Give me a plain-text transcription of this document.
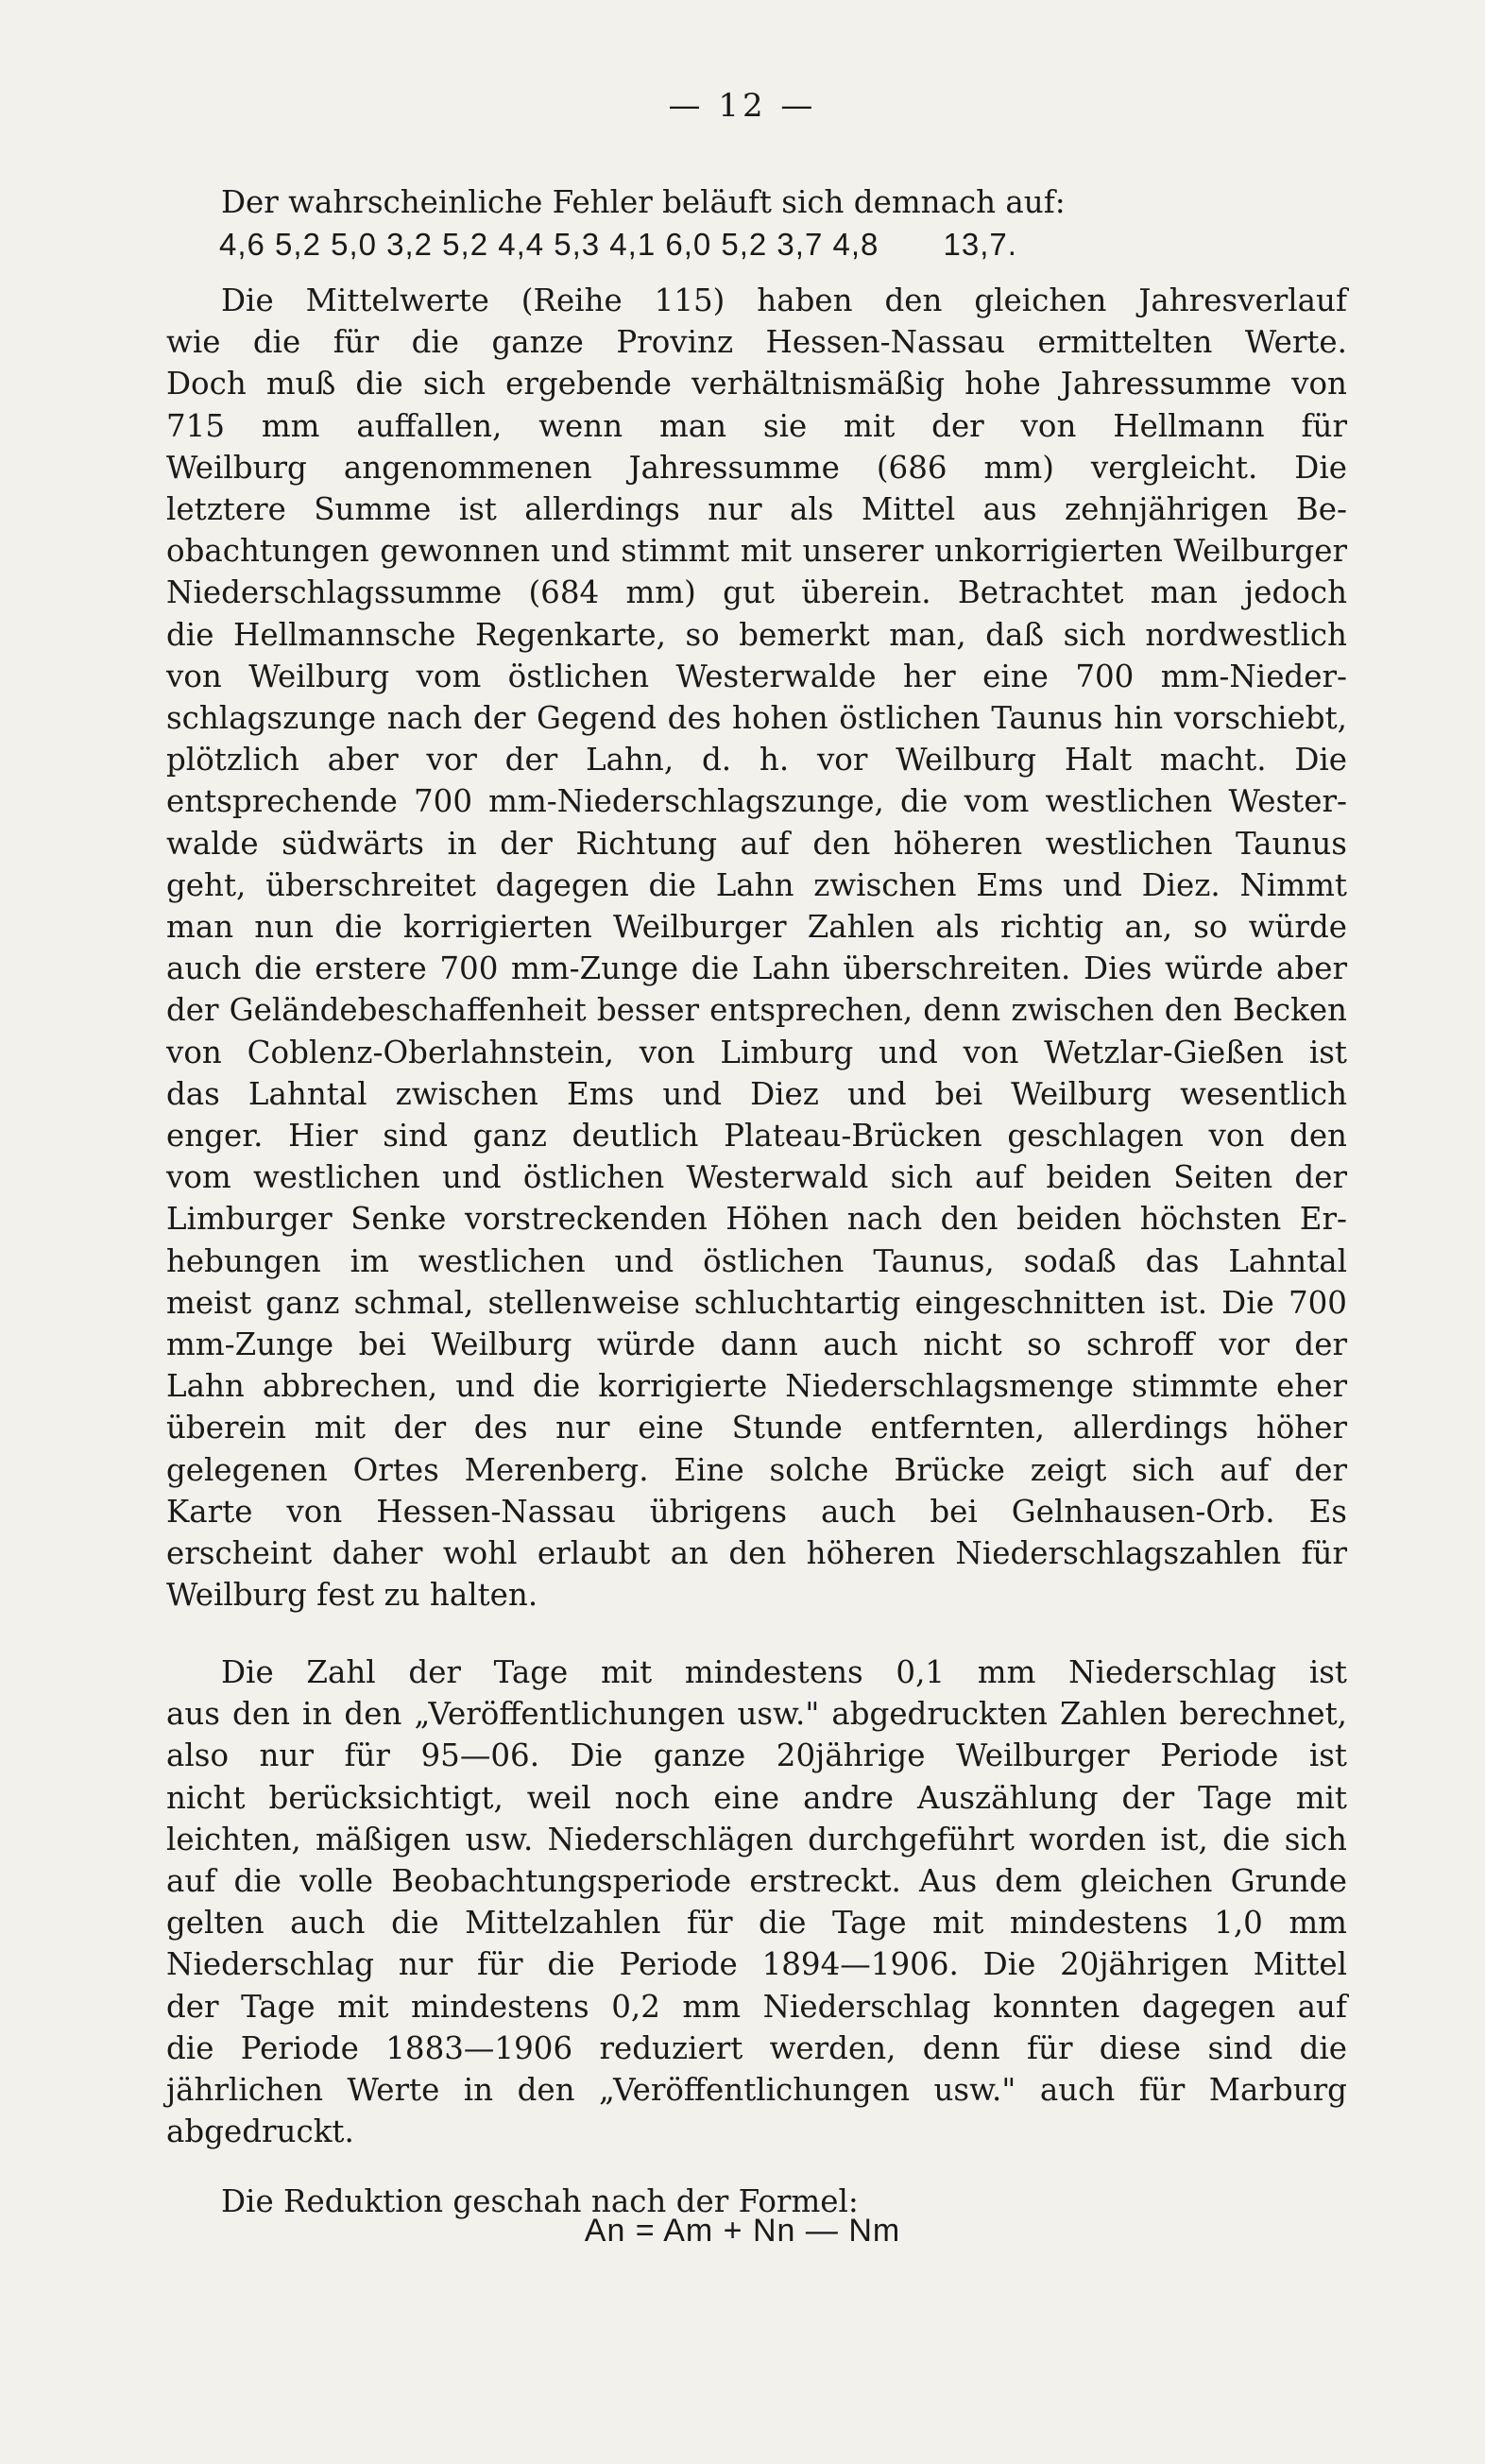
— 12 —
Der wahrscheinliche Fehler beläuft sich demnach auf:
4,6 5,2 5,0 3,2 5,2 4,4 5,3 4,1 6,0 5,2 3,7 4,8 13,7.
Die Mittelwerte (Reihe 115) haben den gleichen Jahresverlauf
wie die für die ganze Provinz Hessen-Nassau ermittelten Werte.
Doch muß die sich ergebende verhältnismäßig hohe Jahressumme von
715 mm auffallen, wenn man sie mit der von Hellmann für
Weilburg angenommenen Jahressumme (686 mm) vergleicht. Die
letztere Summe ist allerdings nur als Mittel aus zehnjährigen Be-
obachtungen gewonnen und stimmt mit unserer unkorrigierten Weilburger
Niederschlagssumme (684 mm) gut überein. Betrachtet man jedoch
die Hellmannsche Regenkarte, so bemerkt man, daß sich nordwestlich
von Weilburg vom östlichen Westerwalde her eine 700 mm-Nieder-
schlagszunge nach der Gegend des hohen östlichen Taunus hin vorschiebt,
plötzlich aber vor der Lahn, d. h. vor Weilburg Halt macht. Die
entsprechende 700 mm-Niederschlagszunge, die vom westlichen Wester-
walde südwärts in der Richtung auf den höheren westlichen Taunus
geht, überschreitet dagegen die Lahn zwischen Ems und Diez. Nimmt
man nun die korrigierten Weilburger Zahlen als richtig an, so würde
auch die erstere 700 mm-Zunge die Lahn überschreiten. Dies würde aber
der Geländebeschaffenheit besser entsprechen, denn zwischen den Becken
von Coblenz-Oberlahnstein, von Limburg und von Wetzlar-Gießen ist
das Lahntal zwischen Ems und Diez und bei Weilburg wesentlich
enger. Hier sind ganz deutlich Plateau-Brücken geschlagen von den
vom westlichen und östlichen Westerwald sich auf beiden Seiten der
Limburger Senke vorstreckenden Höhen nach den beiden höchsten Er-
hebungen im westlichen und östlichen Taunus, sodaß das Lahntal
meist ganz schmal, stellenweise schluchtartig eingeschnitten ist. Die 700
mm-Zunge bei Weilburg würde dann auch nicht so schroff vor der
Lahn abbrechen, und die korrigierte Niederschlagsmenge stimmte eher
überein mit der des nur eine Stunde entfernten, allerdings höher
gelegenen Ortes Merenberg. Eine solche Brücke zeigt sich auf der
Karte von Hessen-Nassau übrigens auch bei Gelnhausen-Orb. Es
erscheint daher wohl erlaubt an den höheren Niederschlagszahlen für
Weilburg fest zu halten.
Die Zahl der Tage mit mindestens 0,1 mm Niederschlag ist
aus den in den „Veröffentlichungen usw." abgedruckten Zahlen berechnet,
also nur für 95—06. Die ganze 20jährige Weilburger Periode ist
nicht berücksichtigt, weil noch eine andre Auszählung der Tage mit
leichten, mäßigen usw. Niederschlägen durchgeführt worden ist, die sich
auf die volle Beobachtungsperiode erstreckt. Aus dem gleichen Grunde
gelten auch die Mittelzahlen für die Tage mit mindestens 1,0 mm
Niederschlag nur für die Periode 1894—1906. Die 20jährigen Mittel
der Tage mit mindestens 0,2 mm Niederschlag konnten dagegen auf
die Periode 1883—1906 reduziert werden, denn für diese sind die
jährlichen Werte in den „Veröffentlichungen usw." auch für Marburg
abgedruckt.
Die Reduktion geschah nach der Formel:
An = Am + Nn — Nm
